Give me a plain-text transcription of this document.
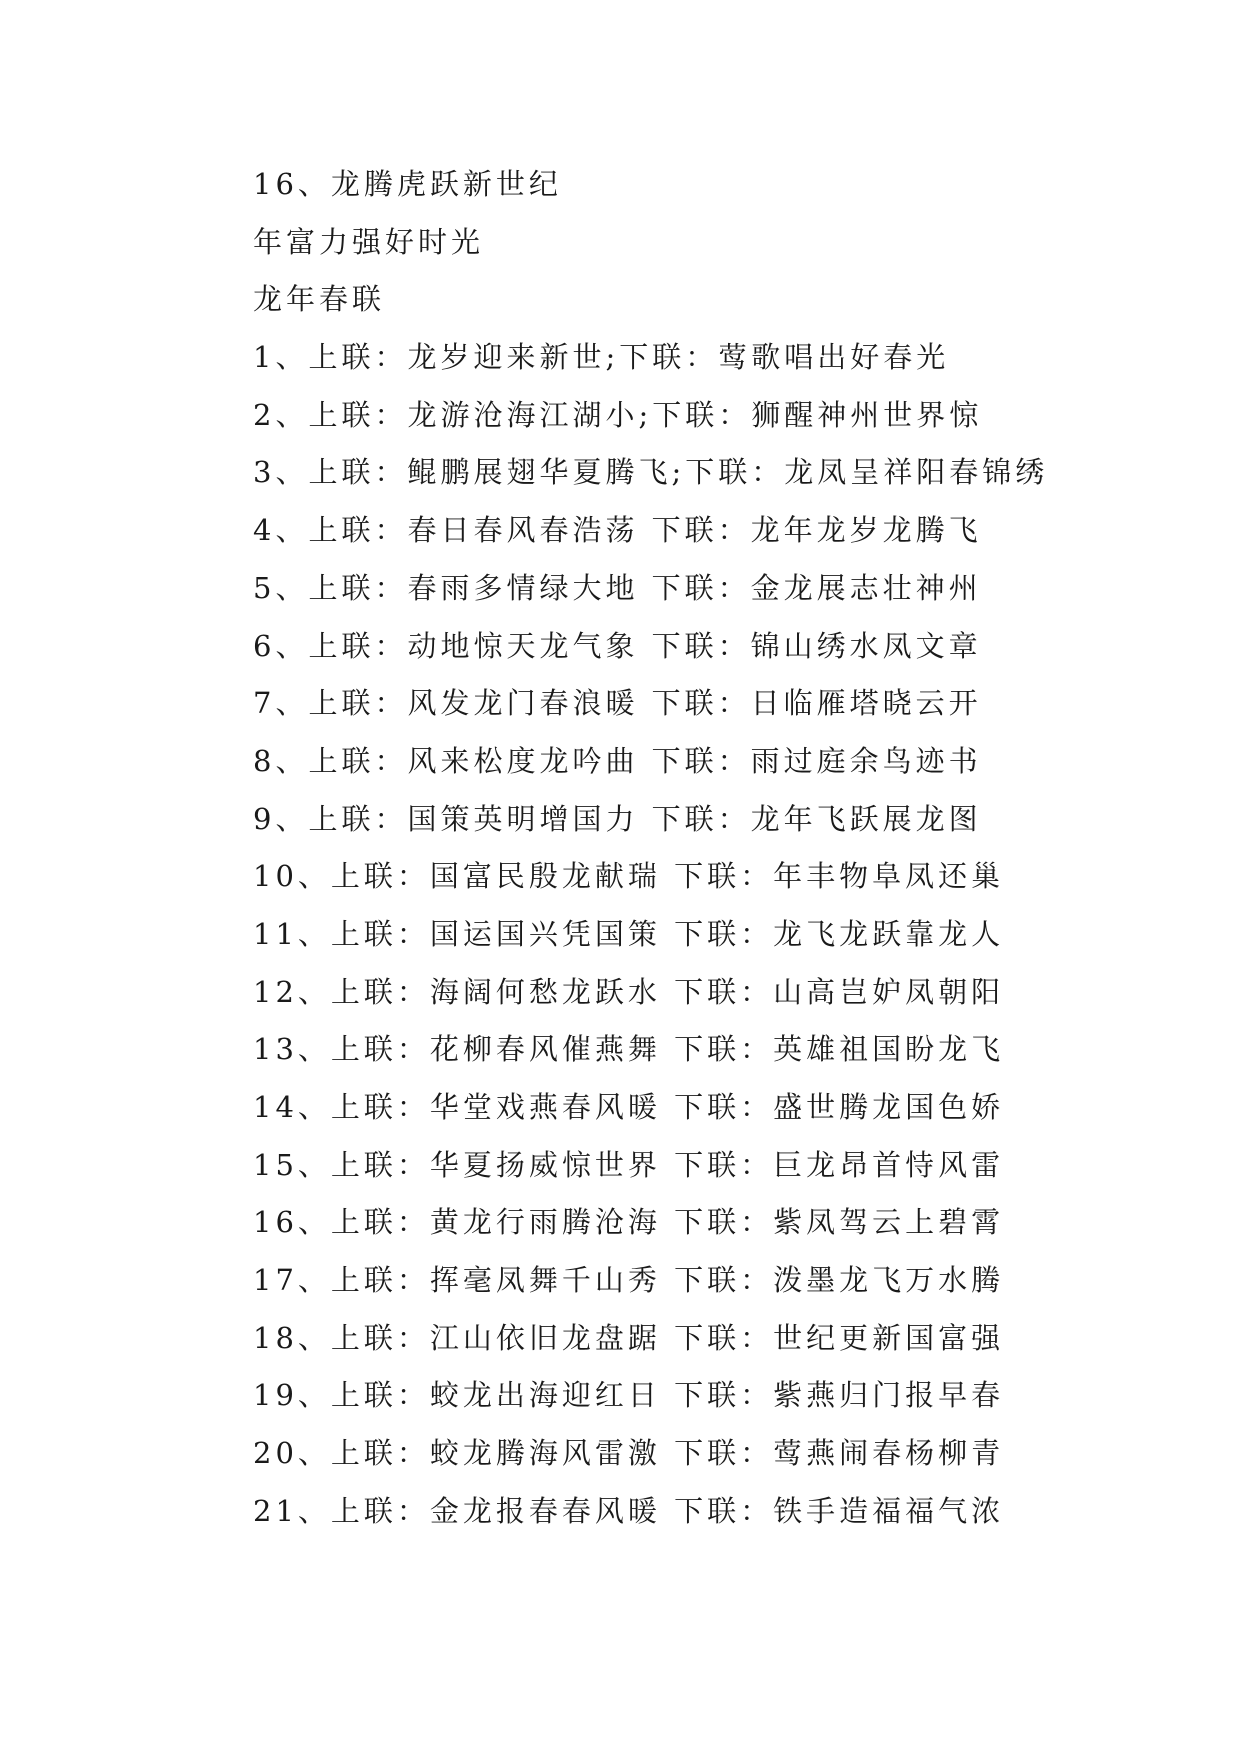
16、龙腾虎跃新世纪
年富力强好时光
龙年春联
1、上联：龙岁迎来新世;下联：莺歌唱出好春光
2、上联：龙游沧海江湖小;下联：狮醒神州世界惊
3、上联：鲲鹏展翅华夏腾飞;下联：龙凤呈祥阳春锦绣
4、上联：春日春风春浩荡 下联：龙年龙岁龙腾飞
5、上联：春雨多情绿大地 下联：金龙展志壮神州
6、上联：动地惊天龙气象 下联：锦山绣水凤文章
7、上联：风发龙门春浪暖 下联：日临雁塔晓云开
8、上联：风来松度龙吟曲 下联：雨过庭余鸟迹书
9、上联：国策英明增国力 下联：龙年飞跃展龙图
10、上联：国富民殷龙献瑞 下联：年丰物阜凤还巢
11、上联：国运国兴凭国策 下联：龙飞龙跃靠龙人
12、上联：海阔何愁龙跃水 下联：山高岂妒凤朝阳
13、上联：花柳春风催燕舞 下联：英雄祖国盼龙飞
14、上联：华堂戏燕春风暖 下联：盛世腾龙国色娇
15、上联：华夏扬威惊世界 下联：巨龙昂首恃风雷
16、上联：黄龙行雨腾沧海 下联：紫凤驾云上碧霄
17、上联：挥毫凤舞千山秀 下联：泼墨龙飞万水腾
18、上联：江山依旧龙盘踞 下联：世纪更新国富强
19、上联：蛟龙出海迎红日 下联：紫燕归门报早春
20、上联：蛟龙腾海风雷激 下联：莺燕闹春杨柳青
21、上联：金龙报春春风暖 下联：铁手造福福气浓
